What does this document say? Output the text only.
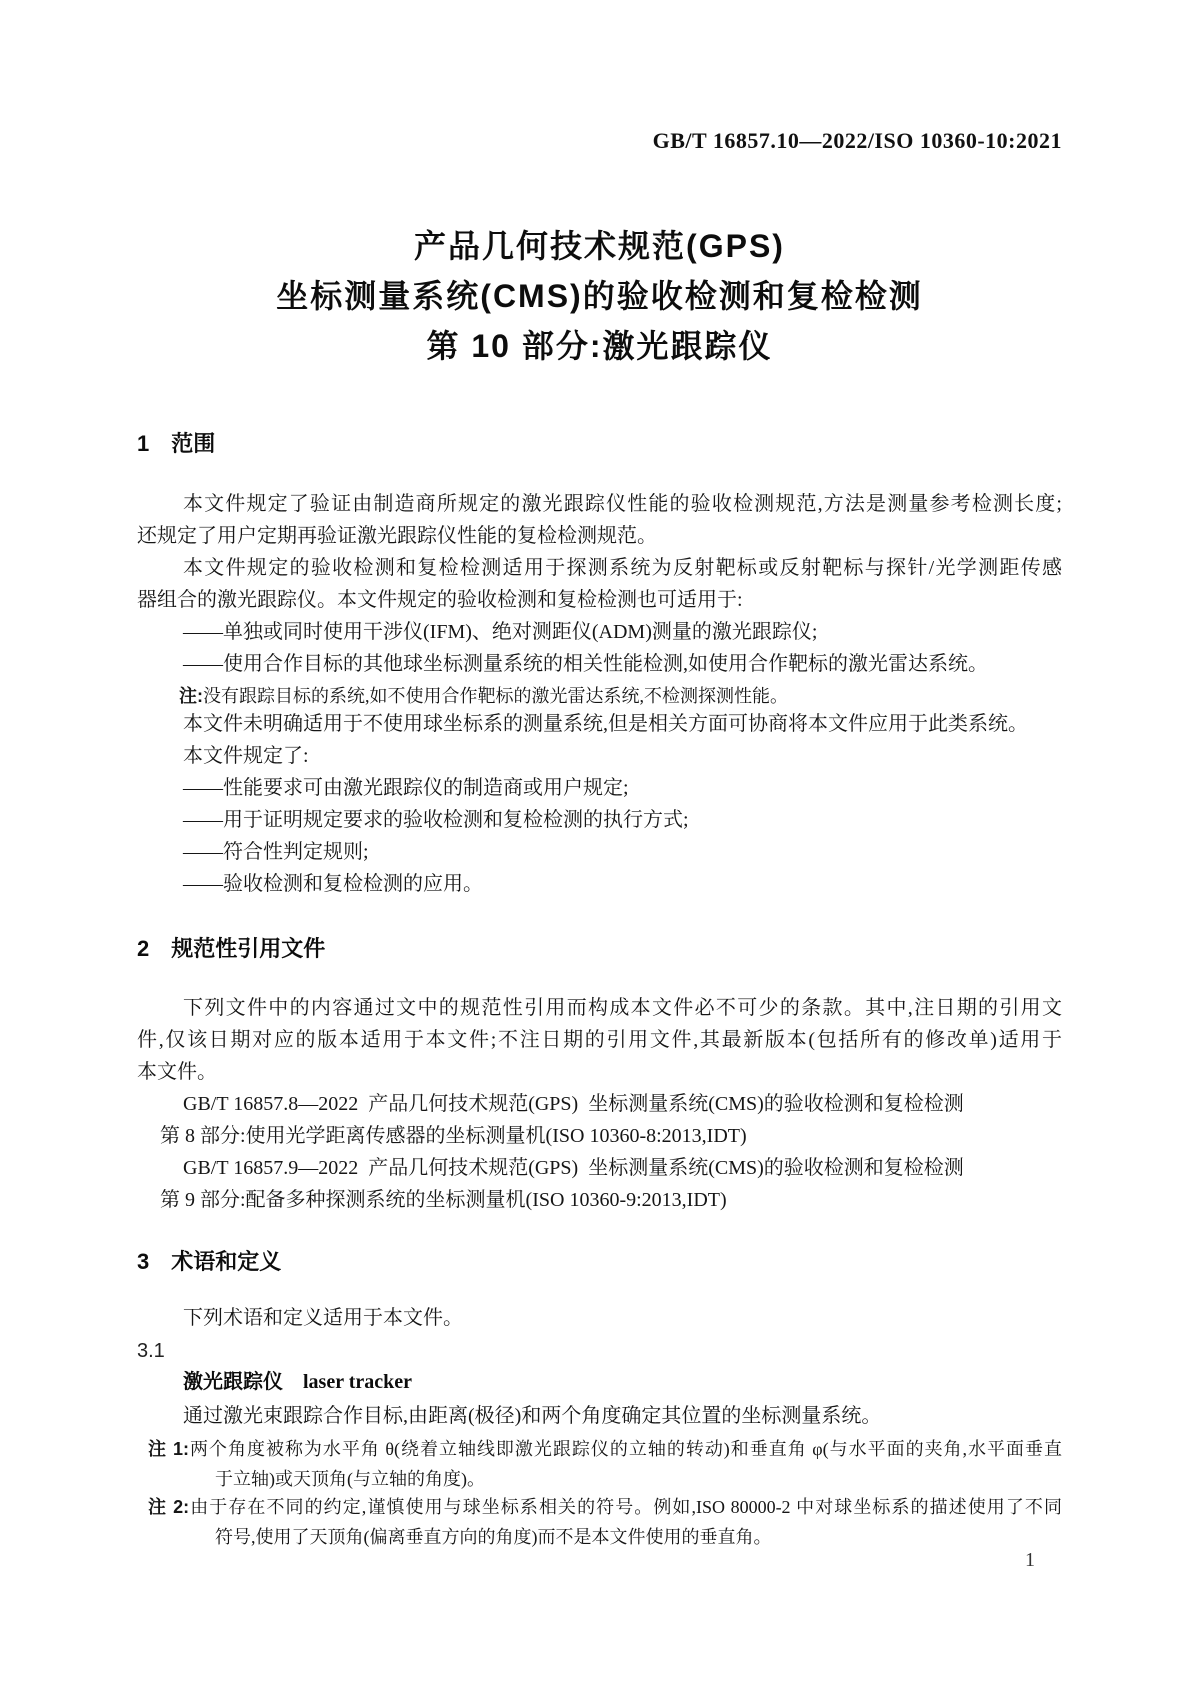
GB/T 16857.10—2022/ISO 10360-10:2021
产品几何技术规范(GPS)
坐标测量系统(CMS)的验收检测和复检检测
第 10 部分:激光跟踪仪
1 范围
本文件规定了验证由制造商所规定的激光跟踪仪性能的验收检测规范,方法是测量参考检测长度;
还规定了用户定期再验证激光跟踪仪性能的复检检测规范。
本文件规定的验收检测和复检检测适用于探测系统为反射靶标或反射靶标与探针/光学测距传感
器组合的激光跟踪仪。本文件规定的验收检测和复检检测也可适用于:
——单独或同时使用干涉仪(IFM)、绝对测距仪(ADM)测量的激光跟踪仪;
——使用合作目标的其他球坐标测量系统的相关性能检测,如使用合作靶标的激光雷达系统。
注:没有跟踪目标的系统,如不使用合作靶标的激光雷达系统,不检测探测性能。
本文件未明确适用于不使用球坐标系的测量系统,但是相关方面可协商将本文件应用于此类系统。
本文件规定了:
——性能要求可由激光跟踪仪的制造商或用户规定;
——用于证明规定要求的验收检测和复检检测的执行方式;
——符合性判定规则;
——验收检测和复检检测的应用。
2 规范性引用文件
下列文件中的内容通过文中的规范性引用而构成本文件必不可少的条款。其中,注日期的引用文
件,仅该日期对应的版本适用于本文件;不注日期的引用文件,其最新版本(包括所有的修改单)适用于
本文件。
GB/T 16857.8—2022  产品几何技术规范(GPS)  坐标测量系统(CMS)的验收检测和复检检测
第 8 部分:使用光学距离传感器的坐标测量机(ISO 10360-8:2013,IDT)
GB/T 16857.9—2022  产品几何技术规范(GPS)  坐标测量系统(CMS)的验收检测和复检检测
第 9 部分:配备多种探测系统的坐标测量机(ISO 10360-9:2013,IDT)
3 术语和定义
下列术语和定义适用于本文件。
3.1
激光跟踪仪 laser tracker
通过激光束跟踪合作目标,由距离(极径)和两个角度确定其位置的坐标测量系统。
注 1:两个角度被称为水平角 θ(绕着立轴线即激光跟踪仪的立轴的转动)和垂直角 φ(与水平面的夹角,水平面垂直
于立轴)或天顶角(与立轴的角度)。
注 2:由于存在不同的约定,谨慎使用与球坐标系相关的符号。例如,ISO 80000-2 中对球坐标系的描述使用了不同
符号,使用了天顶角(偏离垂直方向的角度)而不是本文件使用的垂直角。
1
